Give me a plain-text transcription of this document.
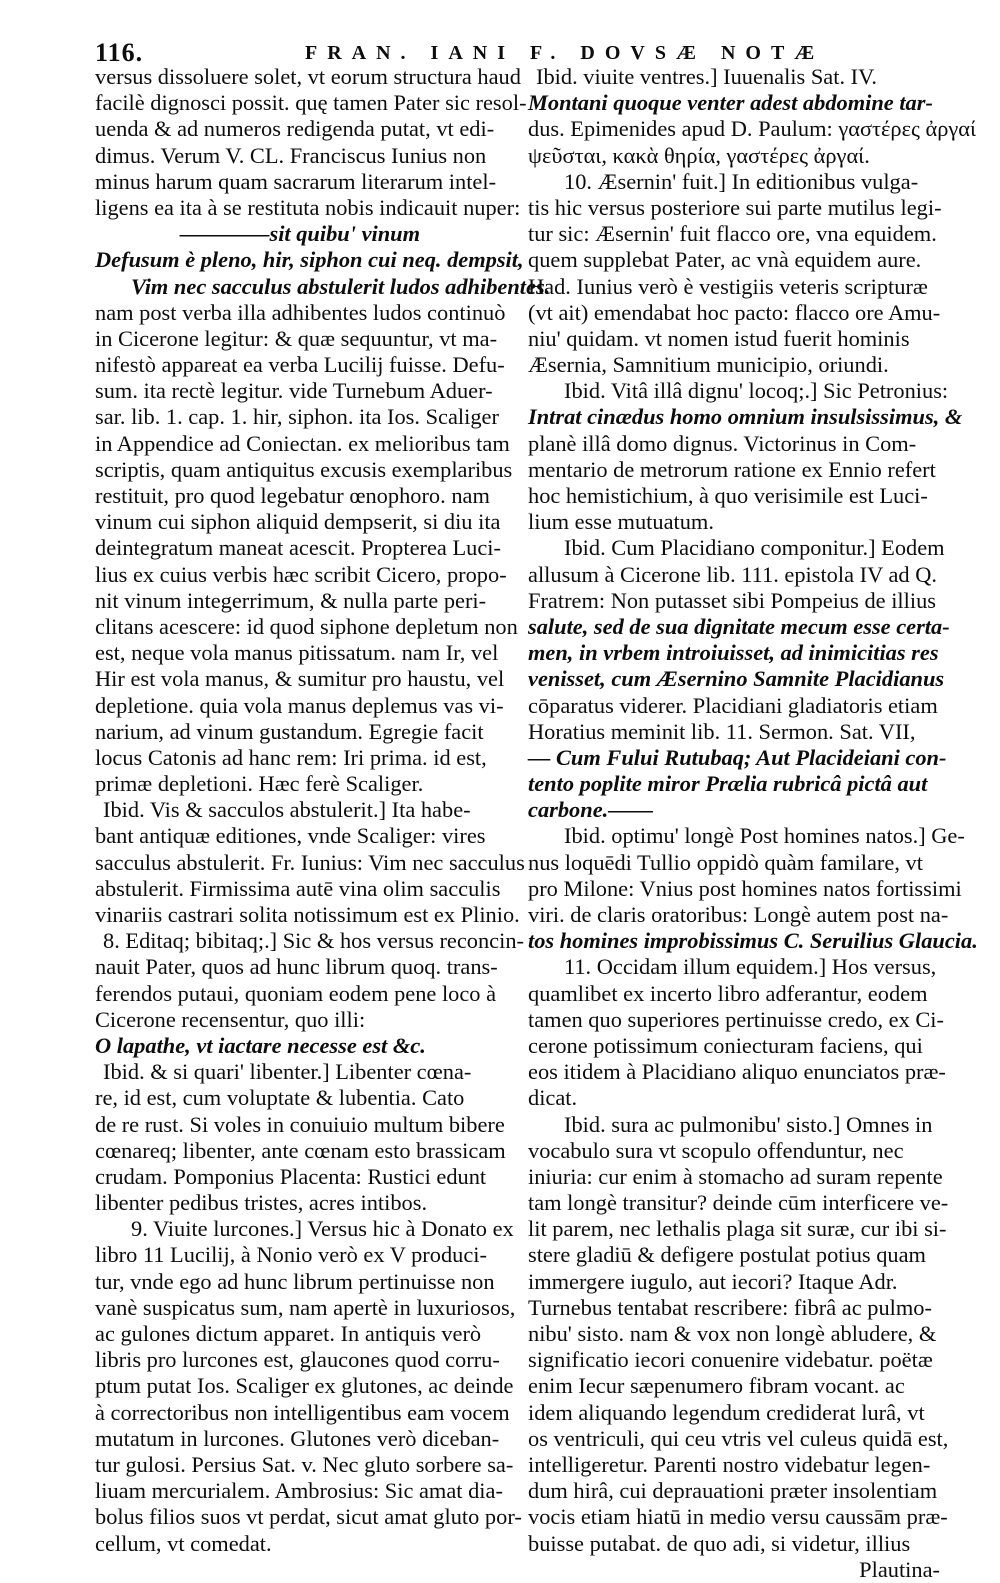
116.	FRAN. IANI F. DOVSÆ NOTÆ
versus dissoluere solet, vt eorum structura haud
facilè dignosci possit. quę tamen Pater sic resol-
uenda & ad numeros redigenda putat, vt edi-
dimus. Verum V. CL. Franciscus Iunius non
minus harum quam sacrarum literarum intel-
ligens ea ita à se restituta nobis indicauit nuper:
————sit quibu' vinum
Defusum è pleno, hir, siphon cui neq. dempsit,
Vim nec sacculus abstulerit ludos adhibentes.
nam post verba illa adhibentes ludos continuò
in Cicerone legitur: & quæ sequuntur, vt ma-
nifestò appareat ea verba Lucilij fuisse. Defu-
sum. ita rectè legitur. vide Turnebum Aduer-
sar. lib. 1. cap. 1. hir, siphon. ita Ios. Scaliger
in Appendice ad Coniectan. ex melioribus tam
scriptis, quam antiquitus excusis exemplaribus
restituit, pro quod legebatur œnophoro. nam
vinum cui siphon aliquid dempserit, si diu ita
deintegratum maneat acescit. Propterea Luci-
lius ex cuius verbis hæc scribit Cicero, propo-
nit vinum integerrimum, & nulla parte peri-
clitans acescere: id quod siphone depletum non
est, neque vola manus pitissatum. nam Ir, vel
Hir est vola manus, & sumitur pro haustu, vel
depletione. quia vola manus deplemus vas vi-
narium, ad vinum gustandum. Egregie facit
locus Catonis ad hanc rem: Iri prima. id est,
primæ depletioni. Hæc ferè Scaliger.
Ibid. Vis & sacculos abstulerit.] Ita habe-
bant antiquæ editiones, vnde Scaliger: vires
sacculus abstulerit. Fr. Iunius: Vim nec sacculus
abstulerit. Firmissima autē vina olim sacculis
vinariis castrari solita notissimum est ex Plinio.
8. Editaq; bibitaq;.] Sic & hos versus reconcin-
nauit Pater, quos ad hunc librum quoq. trans-
ferendos putaui, quoniam eodem pene loco à
Cicerone recensentur, quo illi:
O lapathe, vt iactare necesse est &c.
Ibid. & si quari' libenter.] Libenter cœna-
re, id est, cum voluptate & lubentia. Cato
de re rust. Si voles in conuiuio multum bibere
cœnareq; libenter, ante cœnam esto brassicam
crudam. Pomponius Placenta: Rustici edunt
libenter pedibus tristes, acres intibos.
9. Viuite lurcones.] Versus hic à Donato ex
libro 11 Lucilij, à Nonio verò ex V produci-
tur, vnde ego ad hunc librum pertinuisse non
vanè suspicatus sum, nam apertè in luxuriosos,
ac gulones dictum apparet. In antiquis verò
libris pro lurcones est, glaucones quod corru-
ptum putat Ios. Scaliger ex glutones, ac deinde
à correctoribus non intelligentibus eam vocem
mutatum in lurcones. Glutones verò diceban-
tur gulosi. Persius Sat. v. Nec gluto sorbere sa-
liuam mercurialem. Ambrosius: Sic amat dia-
bolus filios suos vt perdat, sicut amat gluto por-
cellum, vt comedat.
Ibid. viuite ventres.] Iuuenalis Sat. IV.
Montani quoque venter adest abdomine tar-
dus. Epimenides apud D. Paulum: γαστέρες ἀργαί
ψεῦσται, κακὰ θηρία, γαστέρες ἀργαί.
10. Æsernin' fuit.] In editionibus vulga-
tis hic versus posteriore sui parte mutilus legi-
tur sic: Æsernin' fuit flacco ore, vna equidem.
quem supplebat Pater, ac vnà equidem aure.
Had. Iunius verò è vestigiis veteris scripturæ
(vt ait) emendabat hoc pacto: flacco ore Amu-
niu' quidam. vt nomen istud fuerit hominis
Æsernia, Samnitium municipio, oriundi.
Ibid. Vitâ illâ dignu' locoq;.] Sic Petronius:
Intrat cinædus homo omnium insulsissimus, &
planè illâ domo dignus. Victorinus in Com-
mentario de metrorum ratione ex Ennio refert
hoc hemistichium, à quo verisimile est Luci-
lium esse mutuatum.
Ibid. Cum Placidiano componitur.] Eodem
allusum à Cicerone lib. 111. epistola IV ad Q.
Fratrem: Non putasset sibi Pompeius de illius
salute, sed de sua dignitate mecum esse certa-
men, in vrbem introiuisset, ad inimicitias res
venisset, cum Æsernino Samnite Placidianus
cōparatus viderer. Placidiani gladiatoris etiam
Horatius meminit lib. 11. Sermon. Sat. VII,
— Cum Fului Rutubaq; Aut Placideiani con-
tento poplite miror Prælia rubricâ pictâ aut
carbone.——
Ibid. optimu' longè Post homines natos.] Ge-
nus loquēdi Tullio oppidò quàm familare, vt
pro Milone: Vnius post homines natos fortissimi
viri. de claris oratoribus: Longè autem post na-
tos homines improbissimus C. Seruilius Glaucia.
11. Occidam illum equidem.] Hos versus,
quamlibet ex incerto libro adferantur, eodem
tamen quo superiores pertinuisse credo, ex Ci-
cerone potissimum coniecturam faciens, qui
eos itidem à Placidiano aliquo enunciatos præ-
dicat.
Ibid. sura ac pulmonibu' sisto.] Omnes in
vocabulo sura vt scopulo offenduntur, nec
iniuria: cur enim à stomacho ad suram repente
tam longè transitur? deinde cūm interficere ve-
lit parem, nec lethalis plaga sit suræ, cur ibi si-
stere gladiū & defigere postulat potius quam
immergere iugulo, aut iecori? Itaque Adr.
Turnebus tentabat rescribere: fibrâ ac pulmo-
nibu' sisto. nam & vox non longè abludere, &
significatio iecori conuenire videbatur. poëtæ
enim Iecur sæpenumero fibram vocant. ac
idem aliquando legendum crediderat lurâ, vt
os ventriculi, qui ceu vtris vel culeus quidā est,
intelligeretur. Parenti nostro videbatur legen-
dum hirâ, cui deprauationi præter insolentiam
vocis etiam hiatū in medio versu caussām præ-
buisse putabat. de quo adi, si videtur, illius
Plautina-
